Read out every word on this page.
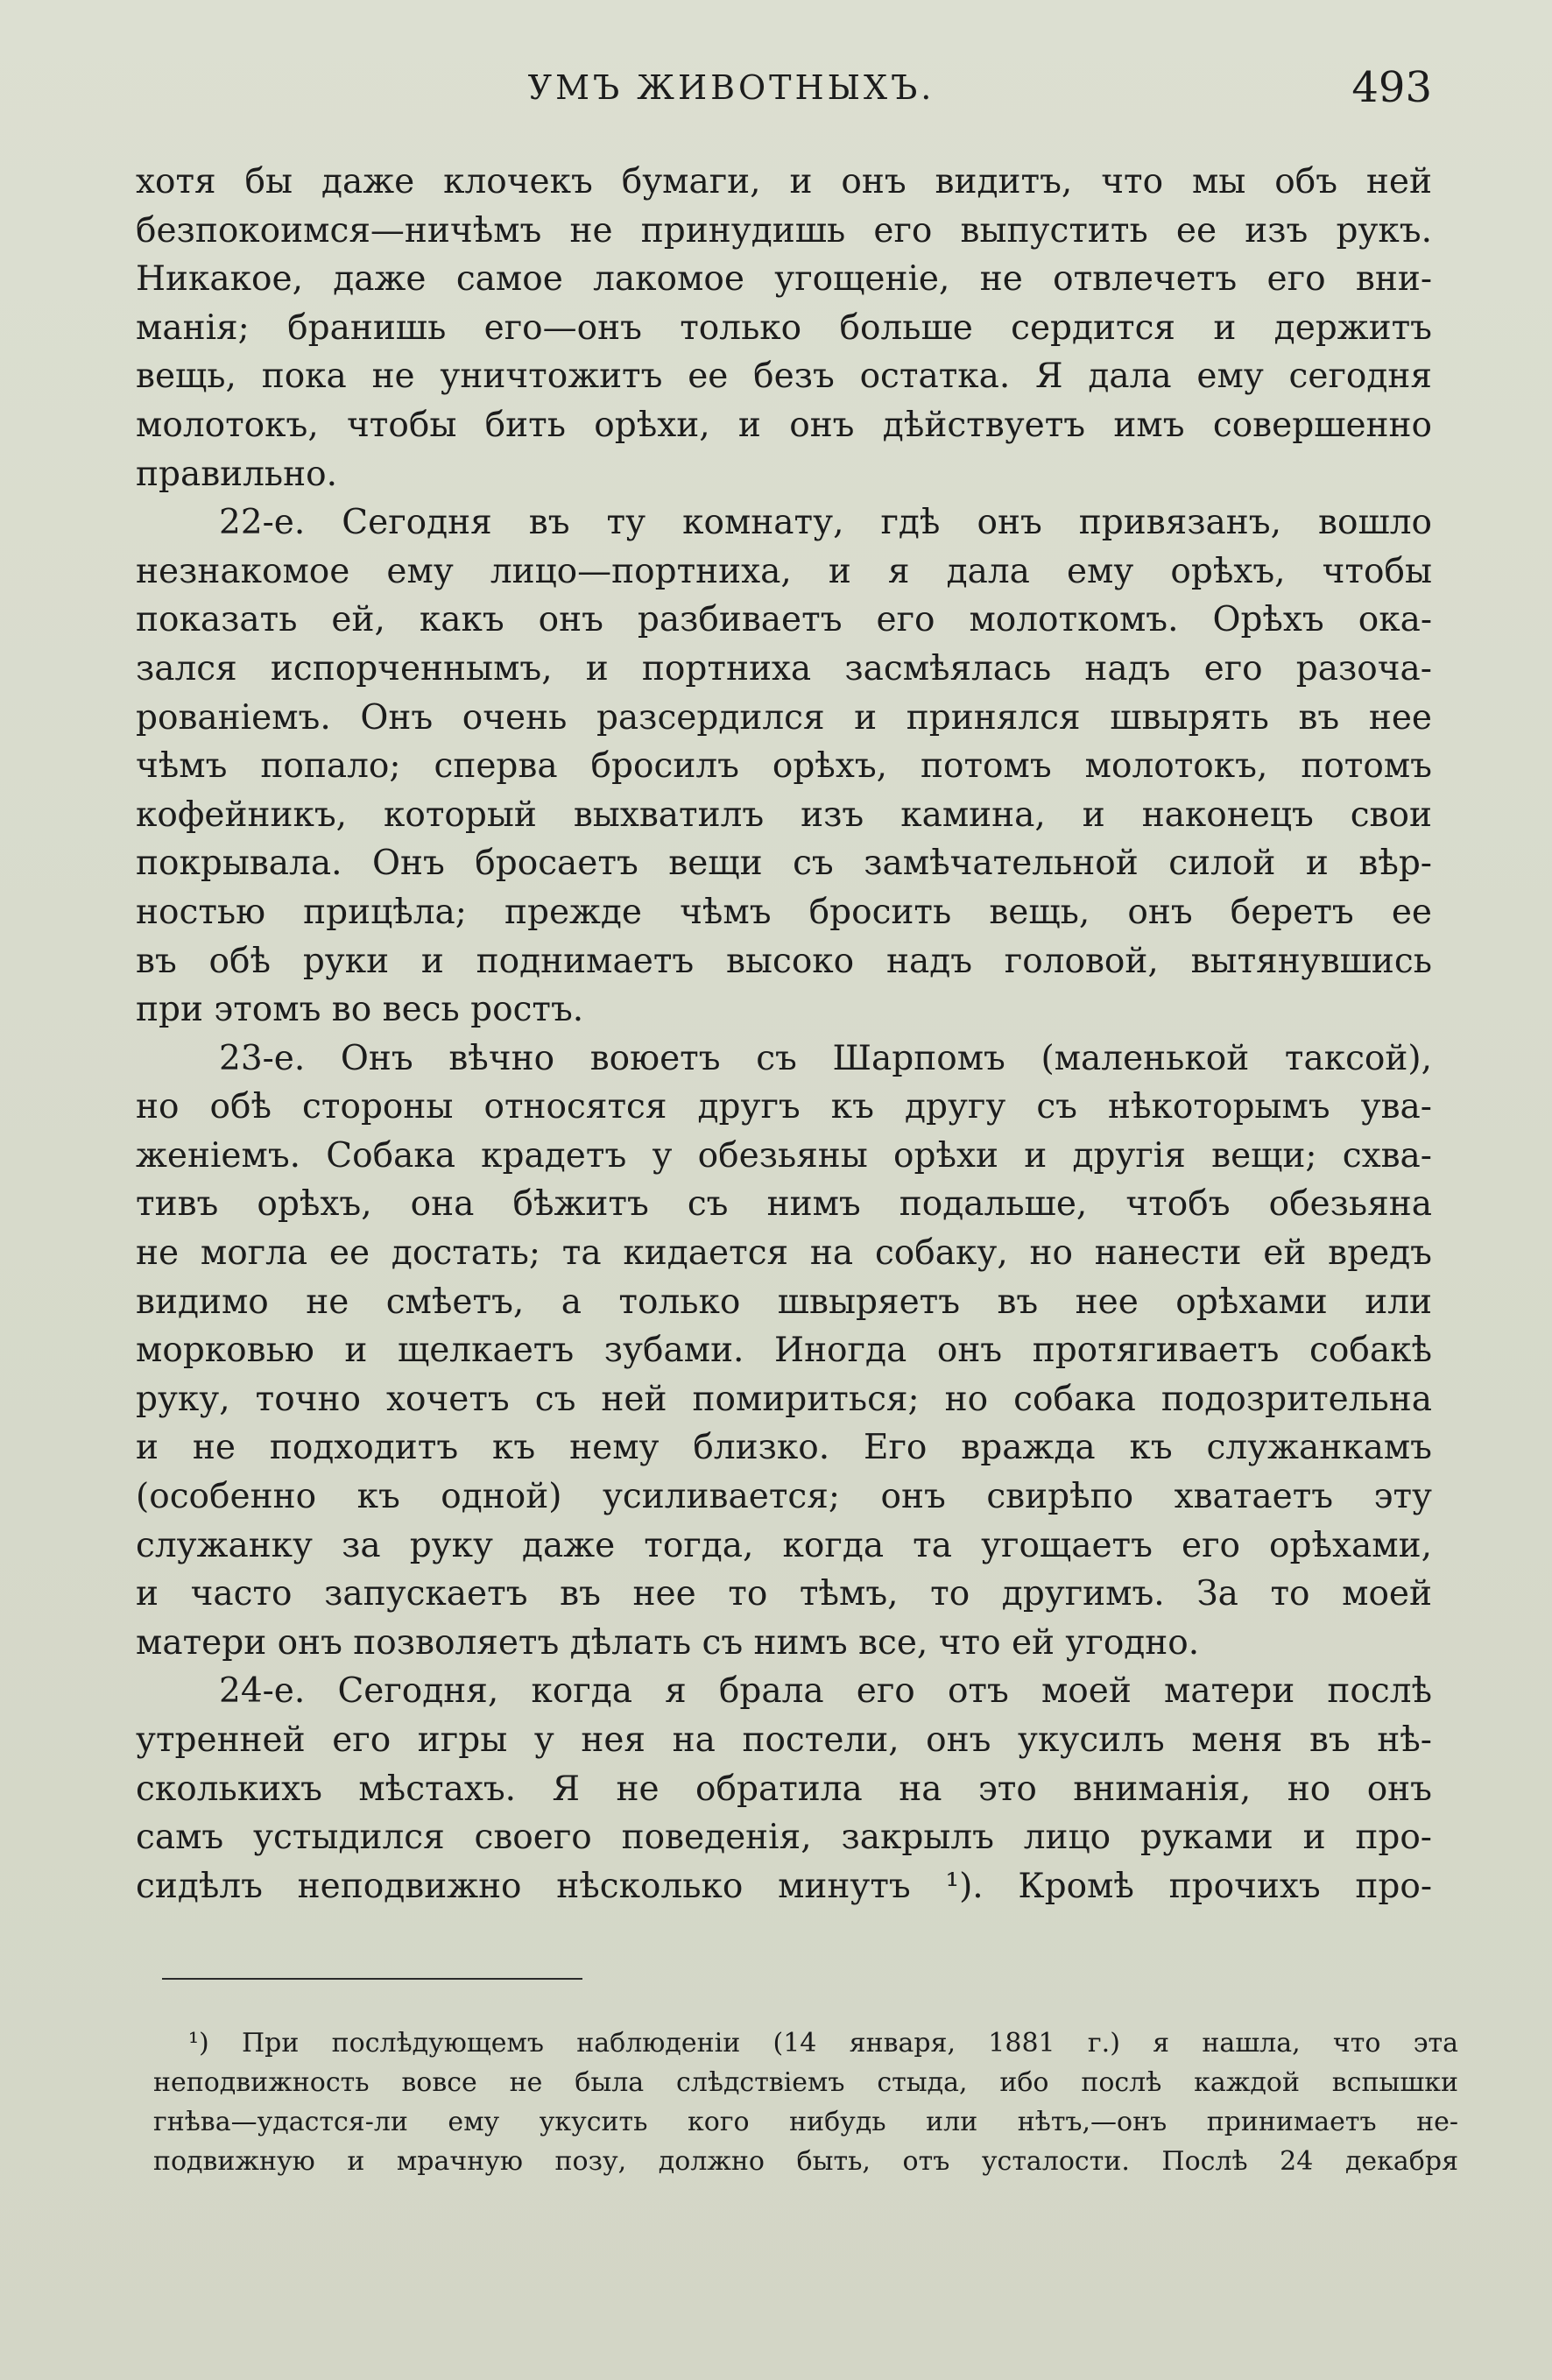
УМЪ ЖИВОТНЫХЪ.	493
хотя бы даже клочекъ бумаги, и онъ видитъ, что мы объ ней
безпокоимся—ничѣмъ не принудишь его выпустить ее изъ рукъ.
Никакое, даже самое лакомое угощеніе, не отвлечетъ его вни-
манія; бранишь его—онъ только больше сердится и держитъ
вещь, пока не уничтожитъ ее безъ остатка. Я дала ему сегодня
молотокъ, чтобы бить орѣхи, и онъ дѣйствуетъ имъ совершенно
правильно.
22-е. Сегодня въ ту комнату, гдѣ онъ привязанъ, вошло
незнакомое ему лицо—портниха, и я дала ему орѣхъ, чтобы
показать ей, какъ онъ разбиваетъ его молоткомъ. Орѣхъ ока-
зался испорченнымъ, и портниха засмѣялась надъ его разоча-
рованіемъ. Онъ очень разсердился и принялся швырять въ нее
чѣмъ попало; сперва бросилъ орѣхъ, потомъ молотокъ, потомъ
кофейникъ, который выхватилъ изъ камина, и наконецъ свои
покрывала. Онъ бросаетъ вещи съ замѣчательной силой и вѣр-
ностью прицѣла; прежде чѣмъ бросить вещь, онъ беретъ ее
въ обѣ руки и поднимаетъ высоко надъ головой, вытянувшись
при этомъ во весь ростъ.
23-е. Онъ вѣчно воюетъ съ Шарпомъ (маленькой таксой),
но обѣ стороны относятся другъ къ другу съ нѣкоторымъ ува-
женіемъ. Собака крадетъ у обезьяны орѣхи и другія вещи; схва-
тивъ орѣхъ, она бѣжитъ съ нимъ подальше, чтобъ обезьяна
не могла ее достать; та кидается на собаку, но нанести ей вредъ
видимо не смѣетъ, а только швыряетъ въ нее орѣхами или
морковью и щелкаетъ зубами. Иногда онъ протягиваетъ собакѣ
руку, точно хочетъ съ ней помириться; но собака подозрительна
и не подходитъ къ нему близко. Его вражда къ служанкамъ
(особенно къ одной) усиливается; онъ свирѣпо хватаетъ эту
служанку за руку даже тогда, когда та угощаетъ его орѣхами,
и часто запускаетъ въ нее то тѣмъ, то другимъ. За то моей
матери онъ позволяетъ дѣлать съ нимъ все, что ей угодно.
24-е. Сегодня, когда я брала его отъ моей матери послѣ
утренней его игры у нея на постели, онъ укусилъ меня въ нѣ-
сколькихъ мѣстахъ. Я не обратила на это вниманія, но онъ
самъ устыдился своего поведенія, закрылъ лицо руками и про-
сидѣлъ неподвижно нѣсколько минутъ ¹). Кромѣ прочихъ про-
¹) При послѣдующемъ наблюденіи (14 января, 1881 г.) я нашла, что эта
неподвижность вовсе не была слѣдствіемъ стыда, ибо послѣ каждой вспышки
гнѣва—удастся-ли ему укусить кого нибудь или нѣтъ,—онъ принимаетъ не-
подвижную и мрачную позу, должно быть, отъ усталости. Послѣ 24 декабря
